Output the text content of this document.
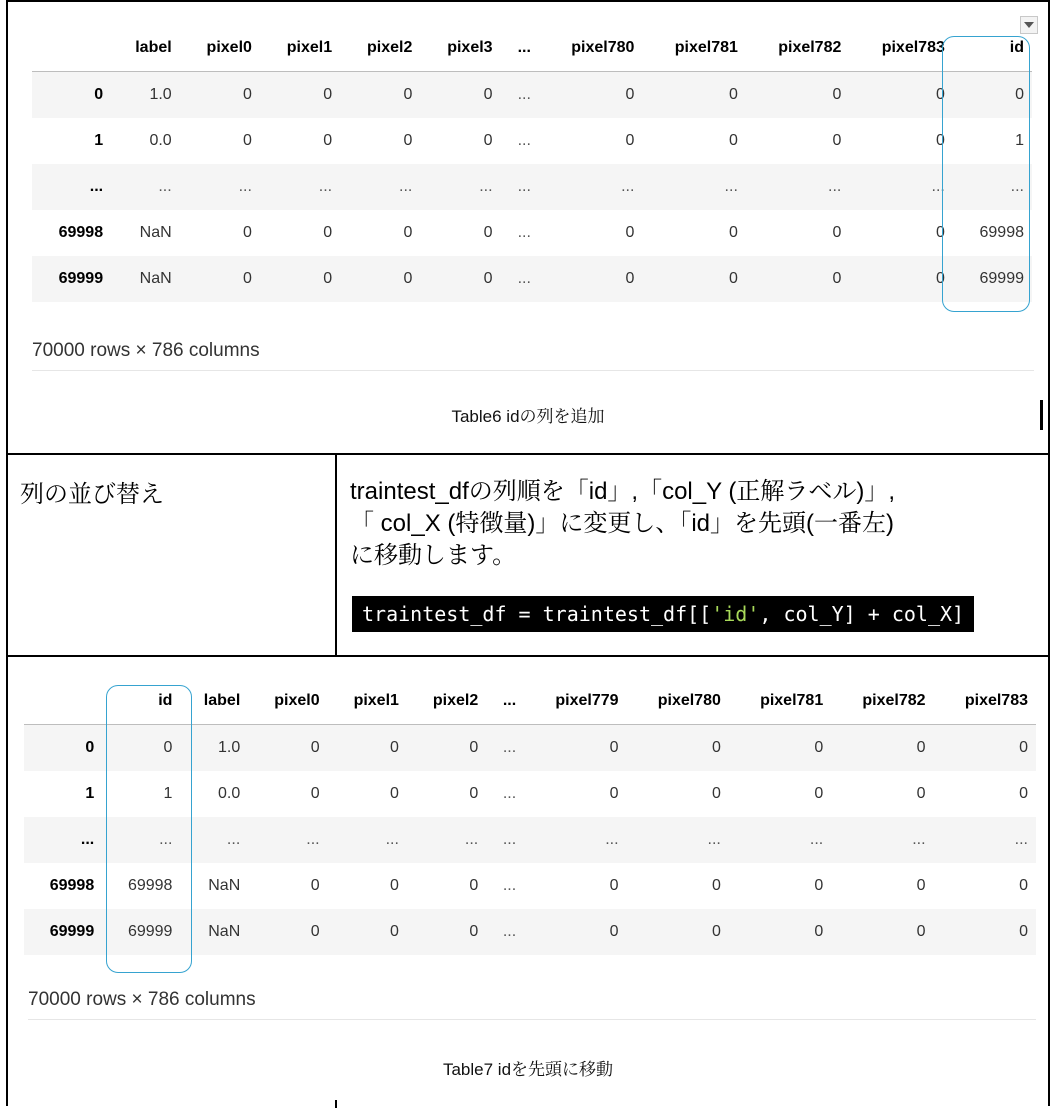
	label	pixel0	pixel1	pixel2	pixel3	...	pixel780	pixel781	pixel782	pixel783	id
0	1.0	0	0	0	0	...	0	0	0	0	0
1	0.0	0	0	0	0	...	0	0	0	0	1
...	...	...	...	...	...	...	...	...	...	...	...
69998	NaN	0	0	0	0	...	0	0	0	0	69998
69999	NaN	0	0	0	0	...	0	0	0	0	69999
70000 rows × 786 columns
Table6 idの列を追加
列の並び替え	traintest_dfの列順を「id」,「col_Y (正解ラベル)」,
「 col_X (特徴量)」に変更し、「id」を先頭(一番左)
に移動します。
traintest_df = traintest_df[['id', col_Y] + col_X]
	id	label	pixel0	pixel1	pixel2	...	pixel779	pixel780	pixel781	pixel782	pixel783
0	0	1.0	0	0	0	...	0	0	0	0	0
1	1	0.0	0	0	0	...	0	0	0	0	0
...	...	...	...	...	...	...	...	...	...	...	...
69998	69998	NaN	0	0	0	...	0	0	0	0	0
69999	69999	NaN	0	0	0	...	0	0	0	0	0
70000 rows × 786 columns
Table7 idを先頭に移動
